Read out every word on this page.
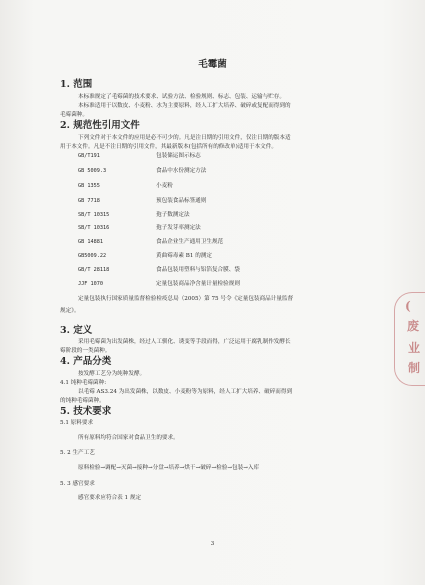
毛霉菌
1. 范围
本标准规定了毛霉菌的技术要求、试验方法、检验规则、标志、包装、运输与贮存。
本标准适用于以数皮、小麦粉、水为主要原料，经人工扩大培养、破碎或复配而得到的
毛霉菌种。
2. 规范性引用文件
下列文件对于本文件的应用是必不可少的。凡是注日期的引用文件，仅注日期的版本适
用于本文件。凡是不注日期的引用文件，其最新版本(包括所有的修改单)适用于本文件。
GB/T191	包装储运图示标志
GB 5009.3	食品中水份测定方法
GB 1355	小麦粉
GB 7718	预包装食品标签通则
SB/T 10315	孢子数测定法
SB/T 10316	孢子发芽率测定法
GB 14881	食品企业生产通用卫生规范
GB5009.22	黄曲霉毒素 B1 的测定
GB/T 28118	食品包装用塑料与铝箔复合膜、袋
JJF 1070	定量包装商品净含量计量检验规则
定量包装执行国家质量监督检验检疫总局（2005）第 75 号令《定量包装商品计量监督
规定》。
3. 定义
采用毛霉菌为出发菌株，经过人工驯化、诱变等手段而得，广泛运用于腐乳制作发酵长
霉阶段的一类菌种。
4. 产品分类
按发酵工艺分为纯种发酵。
4.1 纯种毛霉菌种:
以毛霉 AS3.24 为出发菌株，以数皮、小麦粉等为原料，经人工扩大培养、破碎而得到
的纯种毛霉菌种。
5. 技术要求
5.1 原料要求
所有原料均符合国家对食品卫生的要求。
5. 2 生产工艺
原料检验→调配→灭菌→接种→分盘→培养→烘干→破碎→检验→包装→入库
5. 3 感官要求
感官要求应符合表 1 规定
3
(
废
业
制
